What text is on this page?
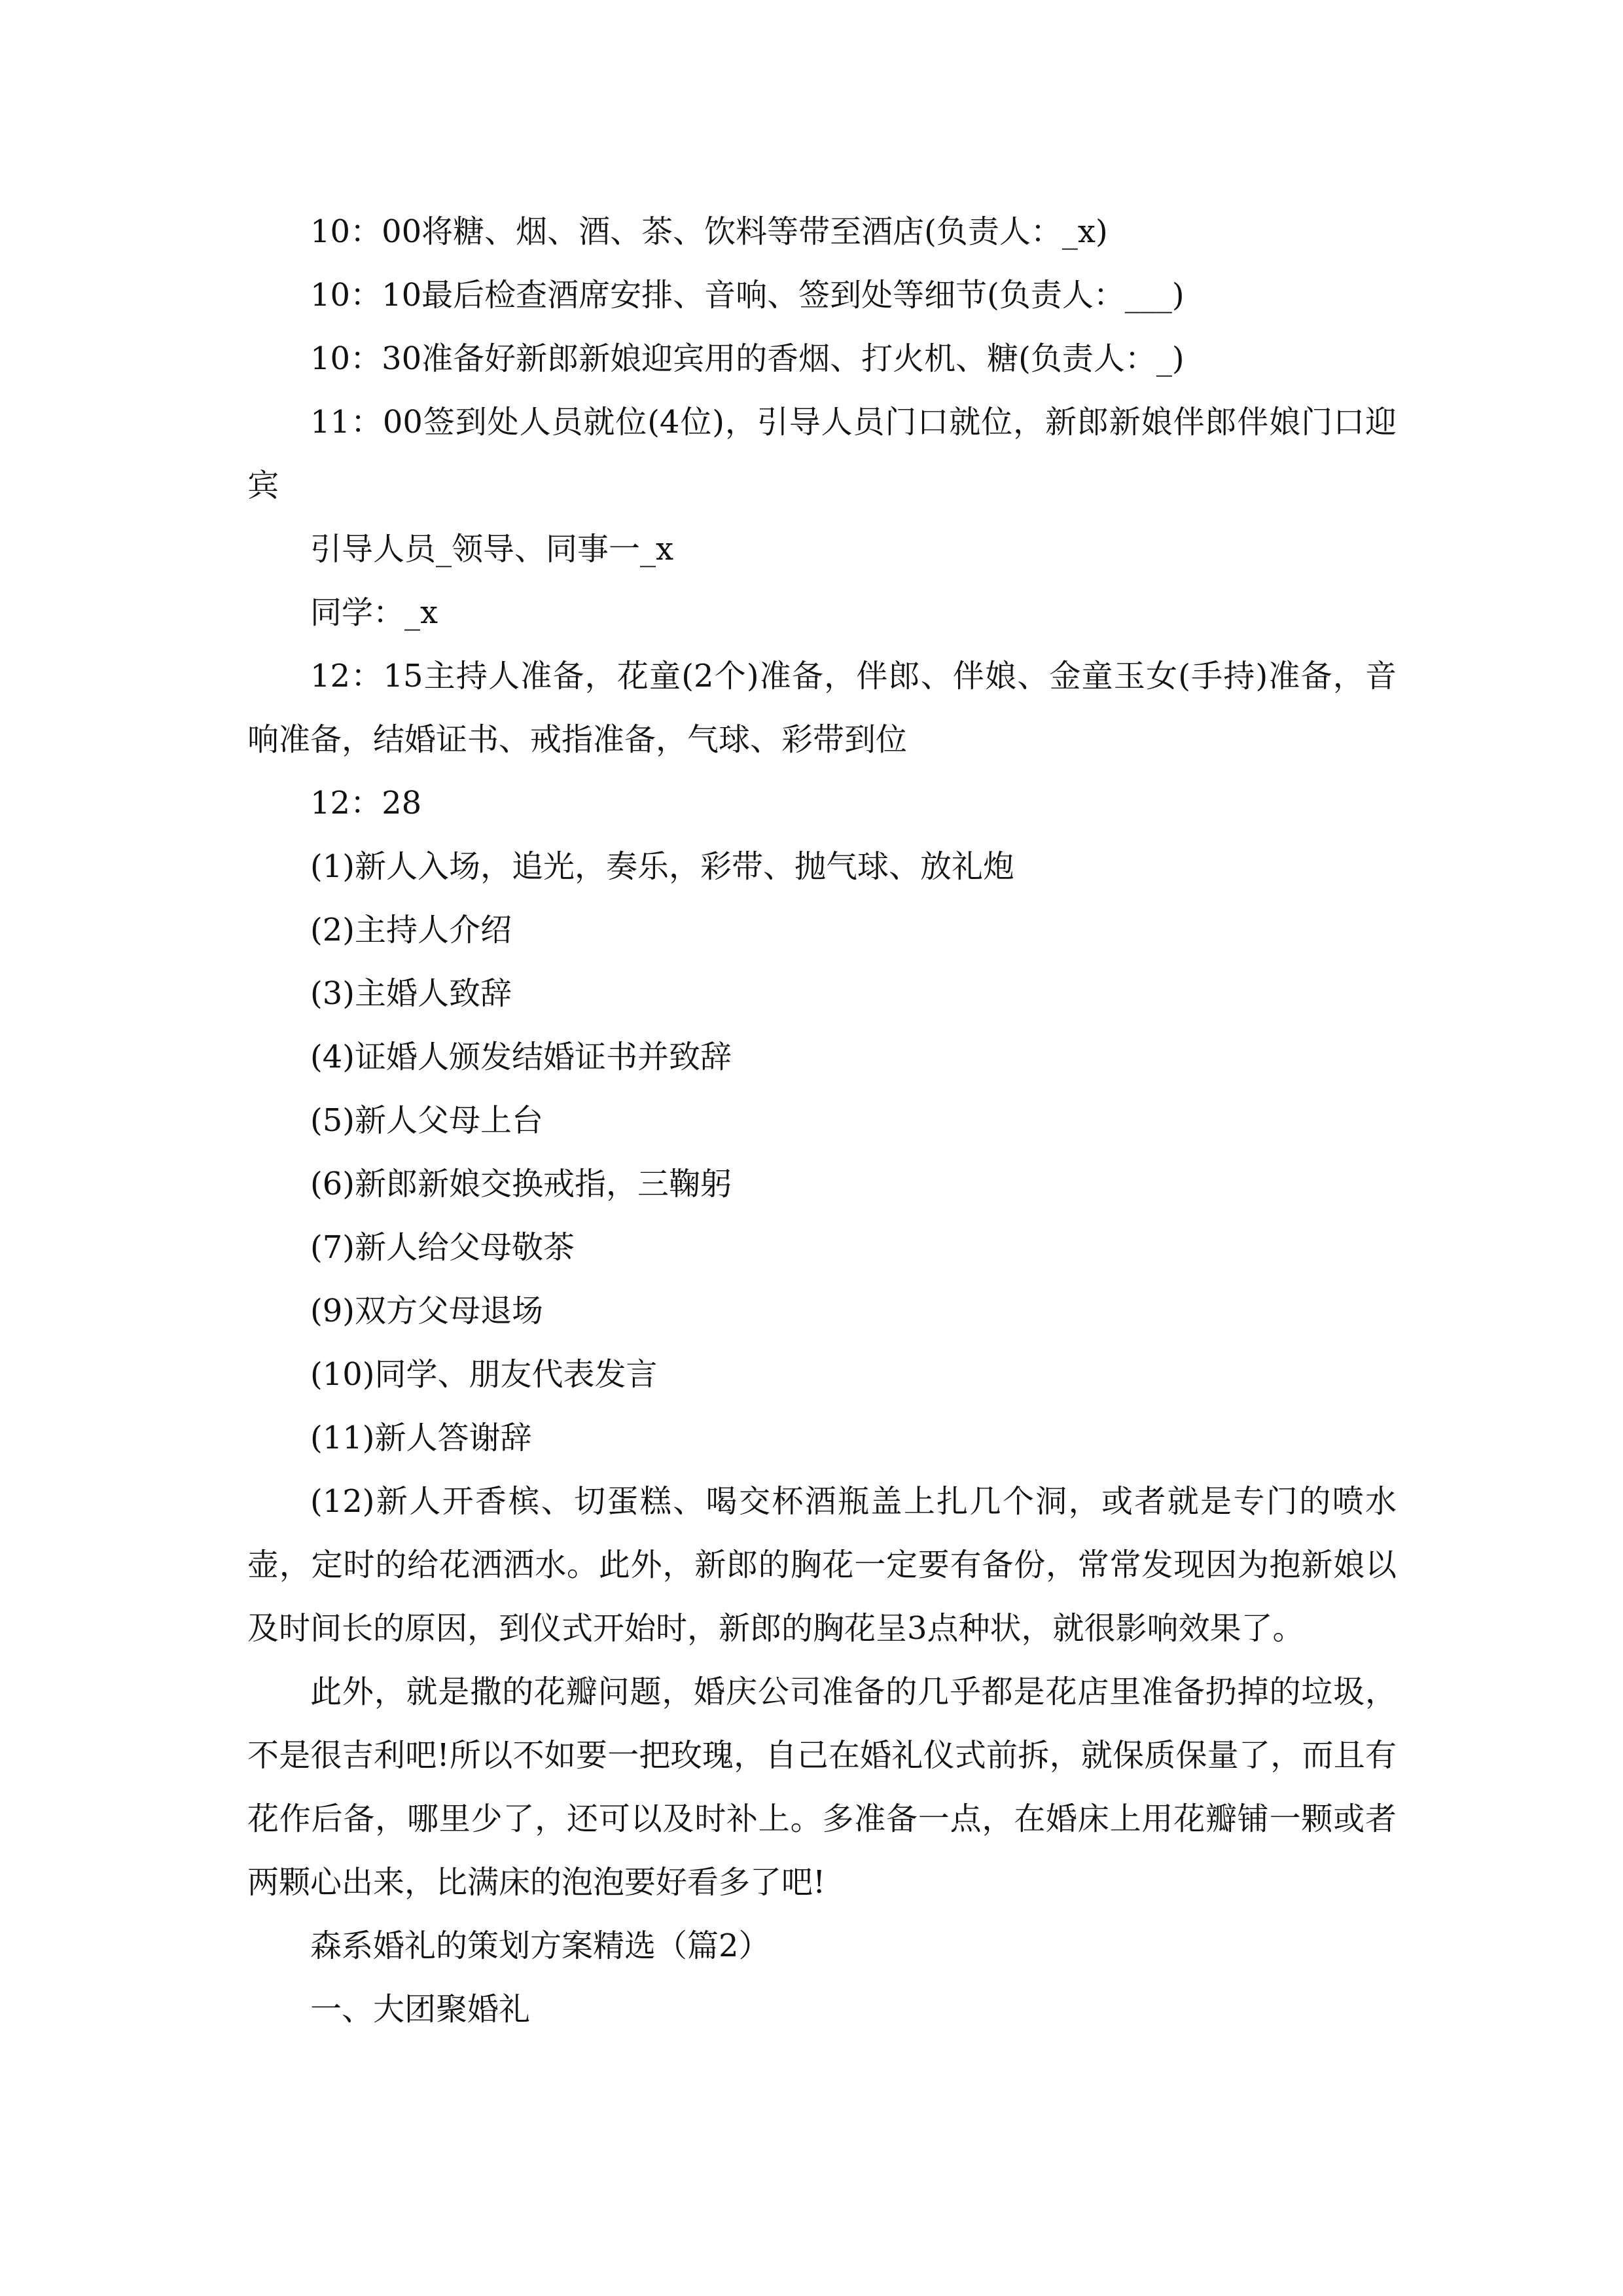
10：00将糖、烟、酒、茶、饮料等带至酒店(负责人：_x)

10：10最后检查酒席安排、音响、签到处等细节(负责人：___)

10：30准备好新郎新娘迎宾用的香烟、打火机、糖(负责人：_)

11：00签到处人员就位(4位)，引导人员门口就位，新郎新娘伴郎伴娘门口迎宾

引导人员_领导、同事一_x

同学：_x

12：15主持人准备，花童(2个)准备，伴郎、伴娘、金童玉女(手持)准备，音响准备，结婚证书、戒指准备，气球、彩带到位

12：28

(1)新人入场，追光，奏乐，彩带、抛气球、放礼炮

(2)主持人介绍

(3)主婚人致辞

(4)证婚人颁发结婚证书并致辞

(5)新人父母上台

(6)新郎新娘交换戒指，三鞠躬

(7)新人给父母敬茶

(9)双方父母退场

(10)同学、朋友代表发言

(11)新人答谢辞

(12)新人开香槟、切蛋糕、喝交杯酒瓶盖上扎几个洞，或者就是专门的喷水壶，定时的给花洒洒水。此外，新郎的胸花一定要有备份，常常发现因为抱新娘以及时间长的原因，到仪式开始时，新郎的胸花呈3点种状，就很影响效果了。

此外，就是撒的花瓣问题，婚庆公司准备的几乎都是花店里准备扔掉的垃圾，不是很吉利吧!所以不如要一把玫瑰，自己在婚礼仪式前拆，就保质保量了，而且有花作后备，哪里少了，还可以及时补上。多准备一点，在婚床上用花瓣铺一颗或者两颗心出来，比满床的泡泡要好看多了吧!

森系婚礼的策划方案精选（篇2）

一、大团聚婚礼
